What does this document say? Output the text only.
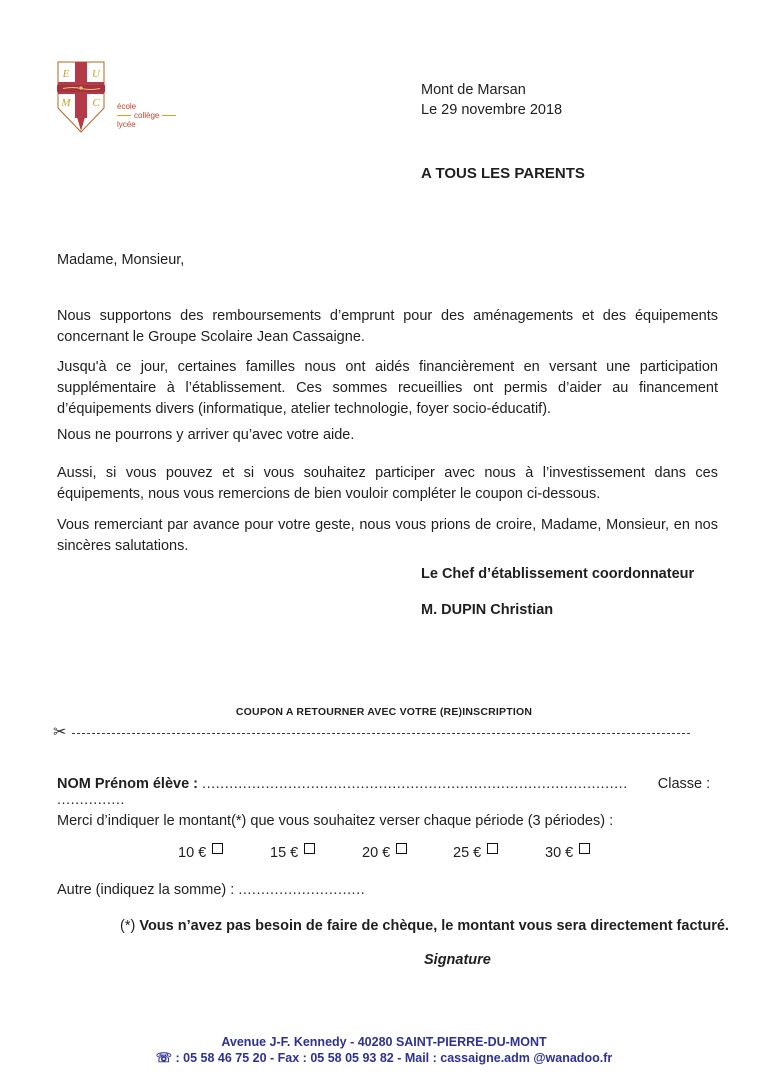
E U
M C école
collège
lycée
Mont de Marsan
Le 29 novembre 2018
A TOUS LES PARENTS
Madame, Monsieur,
Nous supportons des remboursements d’emprunt pour des aménagements et des équipements concernant le Groupe Scolaire Jean Cassaigne.
Jusqu'à ce jour, certaines familles nous ont aidés financièrement en versant une participation supplémentaire à l’établissement. Ces sommes recueillies ont permis d’aider au financement d’équipements divers (informatique, atelier technologie, foyer socio-éducatif).
Nous ne pourrons y arriver qu’avec votre aide.
Aussi, si vous pouvez et si vous souhaitez participer avec nous à l’investissement dans ces équipements, nous vous remercions de bien vouloir compléter le coupon ci-dessous.
Vous remerciant par avance pour votre geste, nous vous prions de croire, Madame, Monsieur, en nos sincères salutations.
Le Chef d’établissement coordonnateur
M. DUPIN Christian
COUPON A RETOURNER AVEC VOTRE (RE)INSCRIPTION
✂
NOM Prénom élève : .............................................................................................. Classe : ...............
Merci d’indiquer le montant(*) que vous souhaitez verser chaque période (3 périodes) :
10 €	15 €	20 €	25 €	30 €
Autre (indiquez la somme) : ............................
(*) Vous n’avez pas besoin de faire de chèque, le montant vous sera directement facturé.
Signature
Avenue J-F. Kennedy - 40280 SAINT-PIERRE-DU-MONT
☏ : 05 58 46 75 20 - Fax : 05 58 05 93 82 - Mail : cassaigne.adm @wanadoo.fr
